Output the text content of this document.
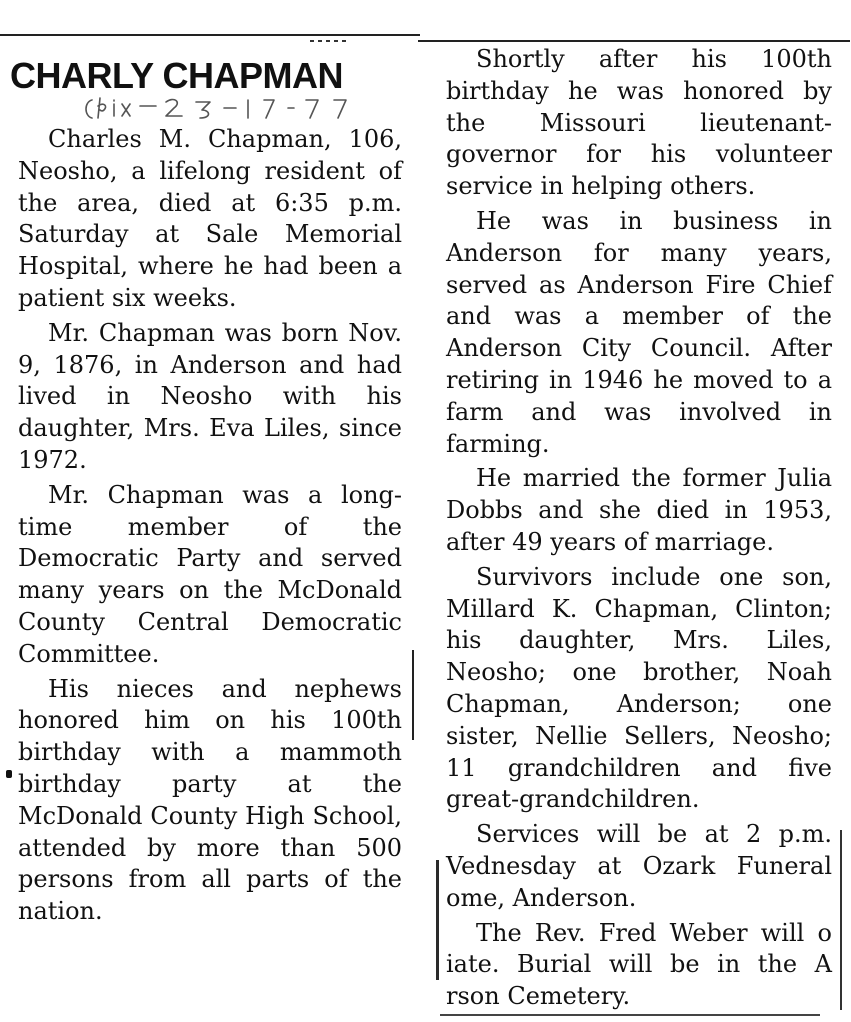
CHARLY CHAPMAN

Charles M. Chapman, 106, Neosho, a lifelong resident of the area, died at 6:35 p.m. Saturday at Sale Memorial Hospital, where he had been a patient six weeks.

Mr. Chapman was born Nov. 9, 1876, in Anderson and had lived in Neosho with his daughter, Mrs. Eva Liles, since 1972.

Mr. Chapman was a long-time member of the Democratic Party and served many years on the McDonald County Central Democratic Committee.

His nieces and nephews honored him on his 100th birthday with a mammoth birthday party at the McDonald County High School, attended by more than 500 persons from all parts of the nation.

Shortly after his 100th birthday he was honored by the Missouri lieutenant-governor for his volunteer service in helping others.

He was in business in Anderson for many years, served as Anderson Fire Chief and was a member of the Anderson City Council. After retiring in 1946 he moved to a farm and was involved in farming.

He married the former Julia Dobbs and she died in 1953, after 49 years of marriage.

Survivors include one son, Millard K. Chapman, Clinton; his daughter, Mrs. Liles, Neosho; one brother, Noah Chapman, Anderson; one sister, Nellie Sellers, Neosho; 11 grandchildren and five great-grandchildren.

Services will be at 2 p.m. Vednesday at Ozark Funeral ome, Anderson.

The Rev. Fred Weber will o iate. Burial will be in the A rson Cemetery.
